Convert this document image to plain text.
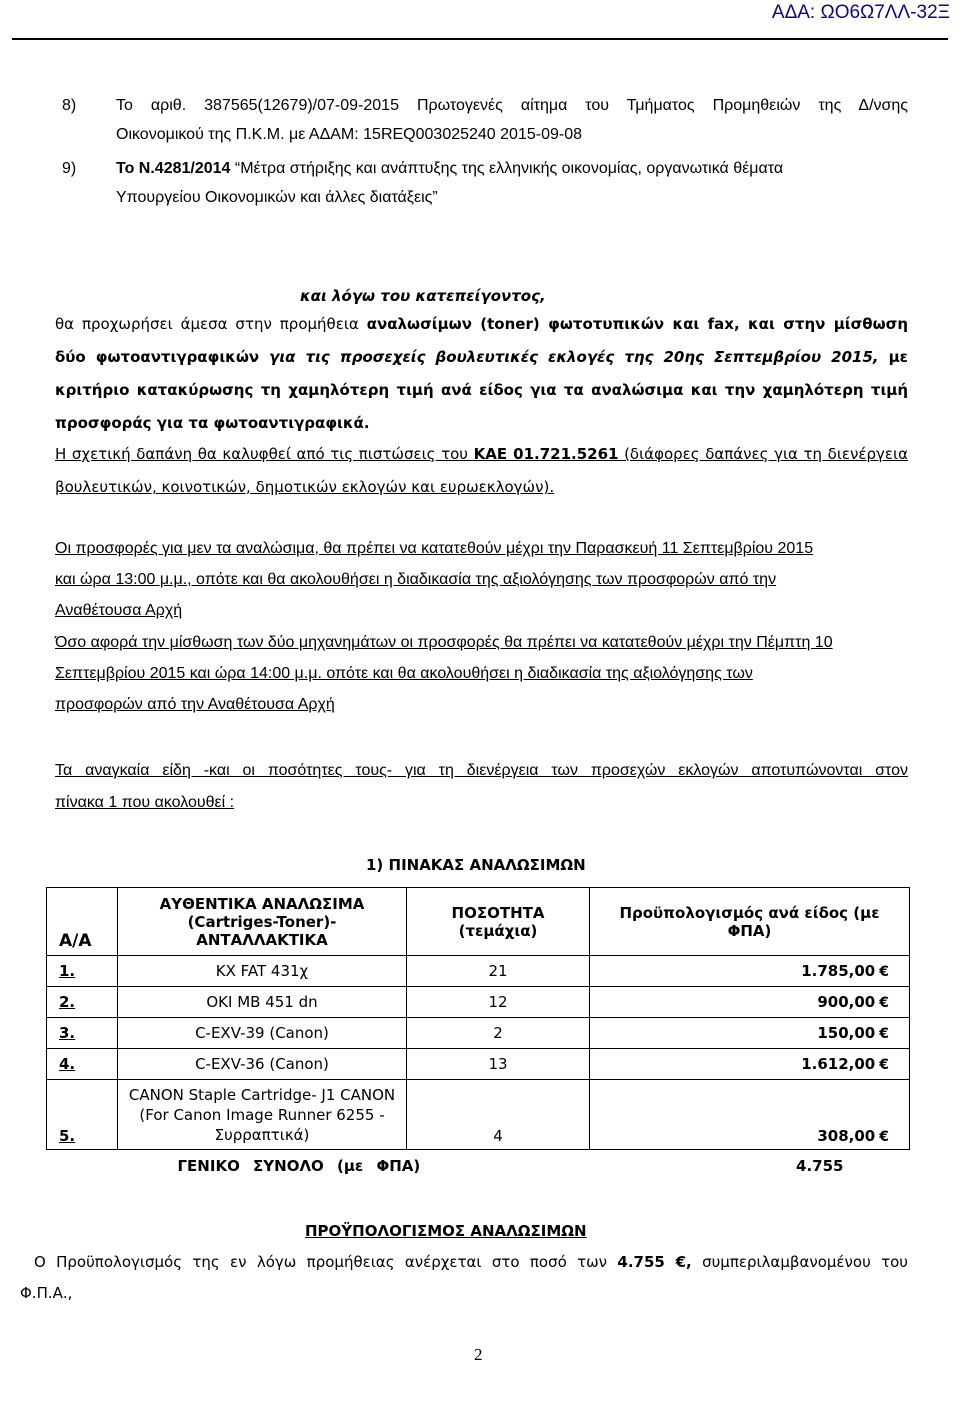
ΑΔΑ: ΩΟ6Ω7ΛΛ-32Ξ
8) Το αριθ. 387565(12679)/07-09-2015 Πρωτογενές αίτημα του Τμήματος Προμηθειών της Δ/νσης
Οικονομικού της Π.Κ.Μ. με ΑΔΑΜ: 15REQ003025240 2015-09-08
9) Το Ν.4281/2014 “Μέτρα στήριξης και ανάπτυξης της ελληνικής οικονομίας, οργανωτικά θέματα
Υπουργείου Οικονομικών και άλλες διατάξεις”
και λόγω του κατεπείγοντος,
θα προχωρήσει άμεσα στην προμήθεια αναλωσίμων (toner) φωτοτυπικών και fax, και στην μίσθωση
δύο φωτοαντιγραφικών για τις προσεχείς βουλευτικές εκλογές της 20ης Σεπτεμβρίου 2015, με
κριτήριο κατακύρωσης τη χαμηλότερη τιμή ανά είδος για τα αναλώσιμα και την χαμηλότερη τιμή
προσφοράς για τα φωτοαντιγραφικά.
Η σχετική δαπάνη θα καλυφθεί από τις πιστώσεις του ΚΑΕ 01.721.5261 (διάφορες δαπάνες για τη διενέργεια
βουλευτικών, κοινοτικών, δημοτικών εκλογών και ευρωεκλογών).
Οι προσφορές για μεν τα αναλώσιμα, θα πρέπει να κατατεθούν μέχρι την Παρασκευή 11 Σεπτεμβρίου 2015
και ώρα 13:00 μ.μ., οπότε και θα ακολουθήσει η διαδικασία της αξιολόγησης των προσφορών από την
Αναθέτουσα Αρχή
Όσο αφορά την μίσθωση των δύο μηχανημάτων οι προσφορές θα πρέπει να κατατεθούν μέχρι την Πέμπτη 10
Σεπτεμβρίου 2015 και ώρα 14:00 μ.μ. οπότε και θα ακολουθήσει η διαδικασία της αξιολόγησης των
προσφορών από την Αναθέτουσα Αρχή
Τα αναγκαία είδη -και οι ποσότητες τους- για τη διενέργεια των προσεχών εκλογών αποτυπώνονται στον
πίνακα 1 που ακολουθεί :
1) ΠΙΝΑΚΑΣ ΑΝΑΛΩΣΙΜΩΝ
Α/Α	ΑΥΘΕΝΤΙΚΑ ΑΝΑΛΩΣΙΜΑ (Cartriges-Toner)- ΑΝΤΑΛΛΑΚΤΙΚΑ	ΠΟΣΟΤΗΤΑ (τεμάχια)	Προϋπολογισμός ανά είδος (με ΦΠΑ)
1.	KX FAT 431χ	21	1.785,00 €
2.	OKI MB 451 dn	12	900,00 €
3.	C-EXV-39 (Canon)	2	150,00 €
4.	C-EXV-36 (Canon)	13	1.612,00 €
5.	CANON Staple Cartridge- J1 CANON (For Canon Image Runner 6255 - Συρραπτικά)	4	308,00 €
	ΓΕΝΙΚΟ ΣΥΝΟΛΟ (με ΦΠΑ)		4.755
ΠΡΟΫΠΟΛΟΓΙΣΜΟΣ ΑΝΑΛΩΣΙΜΩΝ
Ο Προϋπολογισμός της εν λόγω προμήθειας ανέρχεται στο ποσό των 4.755 €, συμπεριλαμβανομένου του
Φ.Π.Α.,
2
